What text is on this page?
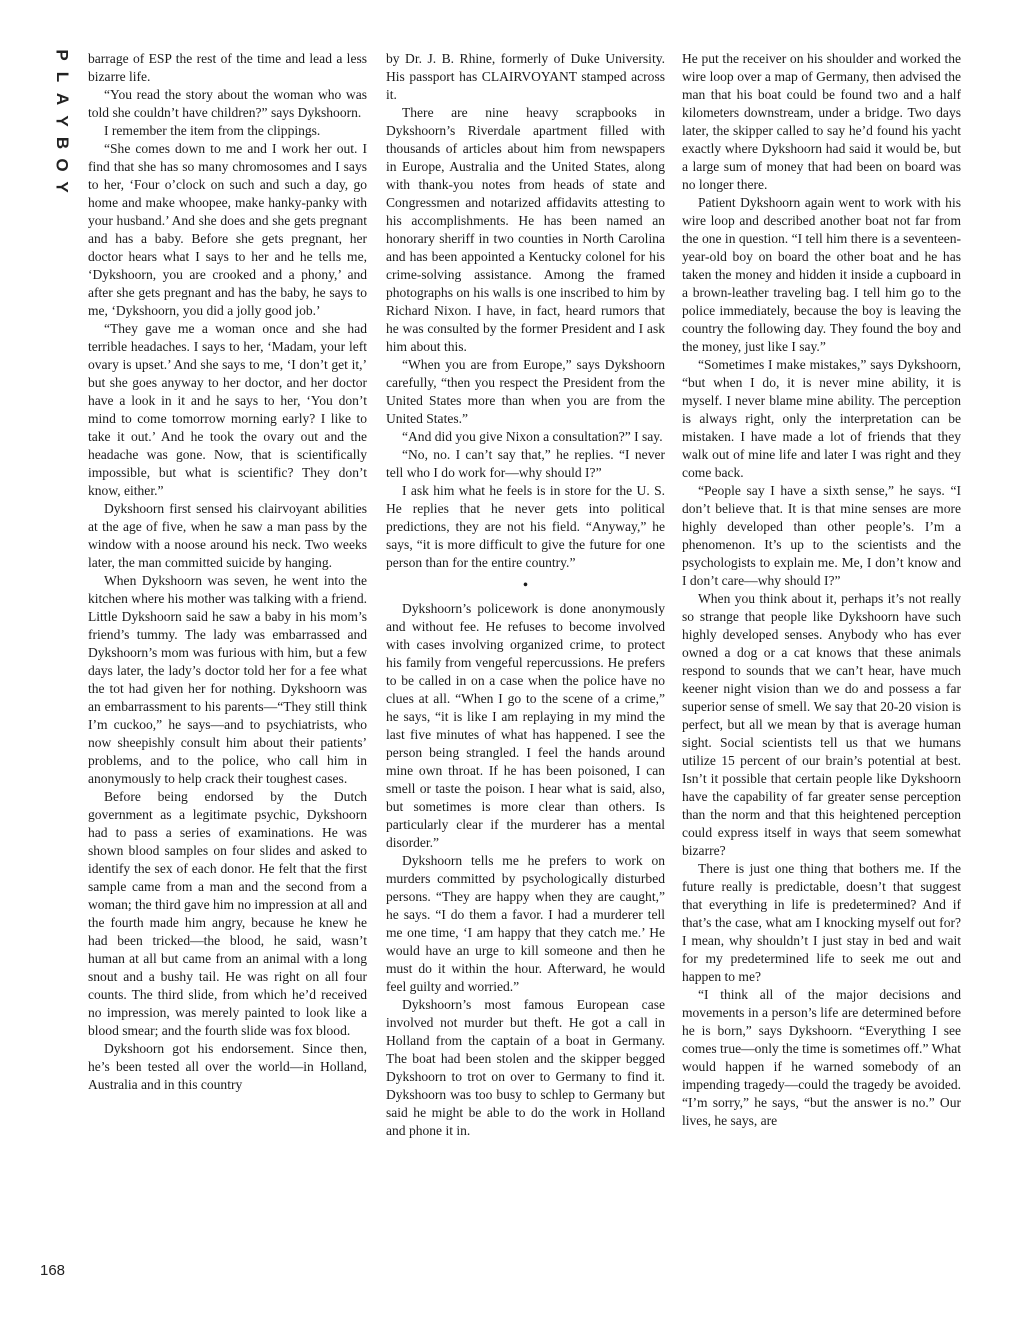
P
L
A
Y
B
O
Y

barrage of ESP the rest of the time and lead a less bizarre life.

“You read the story about the woman who was told she couldn’t have children?” says Dykshoorn.

I remember the item from the clippings.

“She comes down to me and I work her out. I find that she has so many chromosomes and I says to her, ‘Four o’clock on such and such a day, go home and make whoopee, make hanky-panky with your husband.’ And she does and she gets pregnant and has a baby. Before she gets pregnant, her doctor hears what I says to her and he tells me, ‘Dykshoorn, you are crooked and a phony,’ and after she gets pregnant and has the baby, he says to me, ‘Dykshoorn, you did a jolly good job.’

“They gave me a woman once and she had terrible headaches. I says to her, ‘Madam, your left ovary is upset.’ And she says to me, ‘I don’t get it,’ but she goes anyway to her doctor, and her doctor have a look in it and he says to her, ‘You don’t mind to come tomorrow morning early? I like to take it out.’ And he took the ovary out and the headache was gone. Now, that is scientifically impossible, but what is scientific? They don’t know, either.”

Dykshoorn first sensed his clairvoyant abilities at the age of five, when he saw a man pass by the window with a noose around his neck. Two weeks later, the man committed suicide by hanging.

When Dykshoorn was seven, he went into the kitchen where his mother was talking with a friend. Little Dykshoorn said he saw a baby in his mom’s friend’s tummy. The lady was embarrassed and Dykshoorn’s mom was furious with him, but a few days later, the lady’s doctor told her for a fee what the tot had given her for nothing. Dykshoorn was an embarrassment to his parents—“They still think I’m cuckoo,” he says—and to psychiatrists, who now sheepishly consult him about their patients’ problems, and to the police, who call him in anonymously to help crack their toughest cases.

Before being endorsed by the Dutch government as a legitimate psychic, Dykshoorn had to pass a series of examinations. He was shown blood samples on four slides and asked to identify the sex of each donor. He felt that the first sample came from a man and the second from a woman; the third gave him no impression at all and the fourth made him angry, because he knew he had been tricked—the blood, he said, wasn’t human at all but came from an animal with a long snout and a bushy tail. He was right on all four counts. The third slide, from which he’d received no impression, was merely painted to look like a blood smear; and the fourth slide was fox blood.

Dykshoorn got his endorsement. Since then, he’s been tested all over the world—in Holland, Australia and in this country

by Dr. J. B. Rhine, formerly of Duke University. His passport has CLAIRVOYANT stamped across it.

There are nine heavy scrapbooks in Dykshoorn’s Riverdale apartment filled with thousands of articles about him from newspapers in Europe, Australia and the United States, along with thank-you notes from heads of state and Congressmen and notarized affidavits attesting to his accomplishments. He has been named an honorary sheriff in two counties in North Carolina and has been appointed a Kentucky colonel for his crime-solving assistance. Among the framed photographs on his walls is one inscribed to him by Richard Nixon. I have, in fact, heard rumors that he was consulted by the former President and I ask him about this.

“When you are from Europe,” says Dykshoorn carefully, “then you respect the President from the United States more than when you are from the United States.”

“And did you give Nixon a consultation?” I say.

“No, no. I can’t say that,” he replies. “I never tell who I do work for—why should I?”

I ask him what he feels is in store for the U. S. He replies that he never gets into political predictions, they are not his field. “Anyway,” he says, “it is more difficult to give the future for one person than for the entire country.”

•

Dykshoorn’s policework is done anonymously and without fee. He refuses to become involved with cases involving organized crime, to protect his family from vengeful repercussions. He prefers to be called in on a case when the police have no clues at all. “When I go to the scene of a crime,” he says, “it is like I am replaying in my mind the last five minutes of what has happened. I see the person being strangled. I feel the hands around mine own throat. If he has been poisoned, I can smell or taste the poison. I hear what is said, also, but sometimes is more clear than others. Is particularly clear if the murderer has a mental disorder.”

Dykshoorn tells me he prefers to work on murders committed by psychologically disturbed persons. “They are happy when they are caught,” he says. “I do them a favor. I had a murderer tell me one time, ‘I am happy that they catch me.’ He would have an urge to kill someone and then he must do it within the hour. Afterward, he would feel guilty and worried.”

Dykshoorn’s most famous European case involved not murder but theft. He got a call in Holland from the captain of a boat in Germany. The boat had been stolen and the skipper begged Dykshoorn to trot on over to Germany to find it. Dykshoorn was too busy to schlep to Germany but said he might be able to do the work in Holland and phone it in.

He put the receiver on his shoulder and worked the wire loop over a map of Germany, then advised the man that his boat could be found two and a half kilometers downstream, under a bridge. Two days later, the skipper called to say he’d found his yacht exactly where Dykshoorn had said it would be, but a large sum of money that had been on board was no longer there.

Patient Dykshoorn again went to work with his wire loop and described another boat not far from the one in question. “I tell him there is a seventeen-year-old boy on board the other boat and he has taken the money and hidden it inside a cupboard in a brown-leather traveling bag. I tell him go to the police immediately, because the boy is leaving the country the following day. They found the boy and the money, just like I say.”

“Sometimes I make mistakes,” says Dykshoorn, “but when I do, it is never mine ability, it is myself. I never blame mine ability. The perception is always right, only the interpretation can be mistaken. I have made a lot of friends that they walk out of mine life and later I was right and they come back.

“People say I have a sixth sense,” he says. “I don’t believe that. It is that mine senses are more highly developed than other people’s. I’m a phenomenon. It’s up to the scientists and the psychologists to explain me. Me, I don’t know and I don’t care—why should I?”

When you think about it, perhaps it’s not really so strange that people like Dykshoorn have such highly developed senses. Anybody who has ever owned a dog or a cat knows that these animals respond to sounds that we can’t hear, have much keener night vision than we do and possess a far superior sense of smell. We say that 20-20 vision is perfect, but all we mean by that is average human sight. Social scientists tell us that we humans utilize 15 percent of our brain’s potential at best. Isn’t it possible that certain people like Dykshoorn have the capability of far greater sense perception than the norm and that this heightened perception could express itself in ways that seem somewhat bizarre?

There is just one thing that bothers me. If the future really is predictable, doesn’t that suggest that everything in life is predetermined? And if that’s the case, what am I knocking myself out for? I mean, why shouldn’t I just stay in bed and wait for my predetermined life to seek me out and happen to me?

“I think all of the major decisions and movements in a person’s life are determined before he is born,” says Dykshoorn. “Everything I see comes true—only the time is sometimes off.” What would happen if he warned somebody of an impending tragedy—could the tragedy be avoided. “I’m sorry,” he says, “but the answer is no.” Our lives, he says, are

168
